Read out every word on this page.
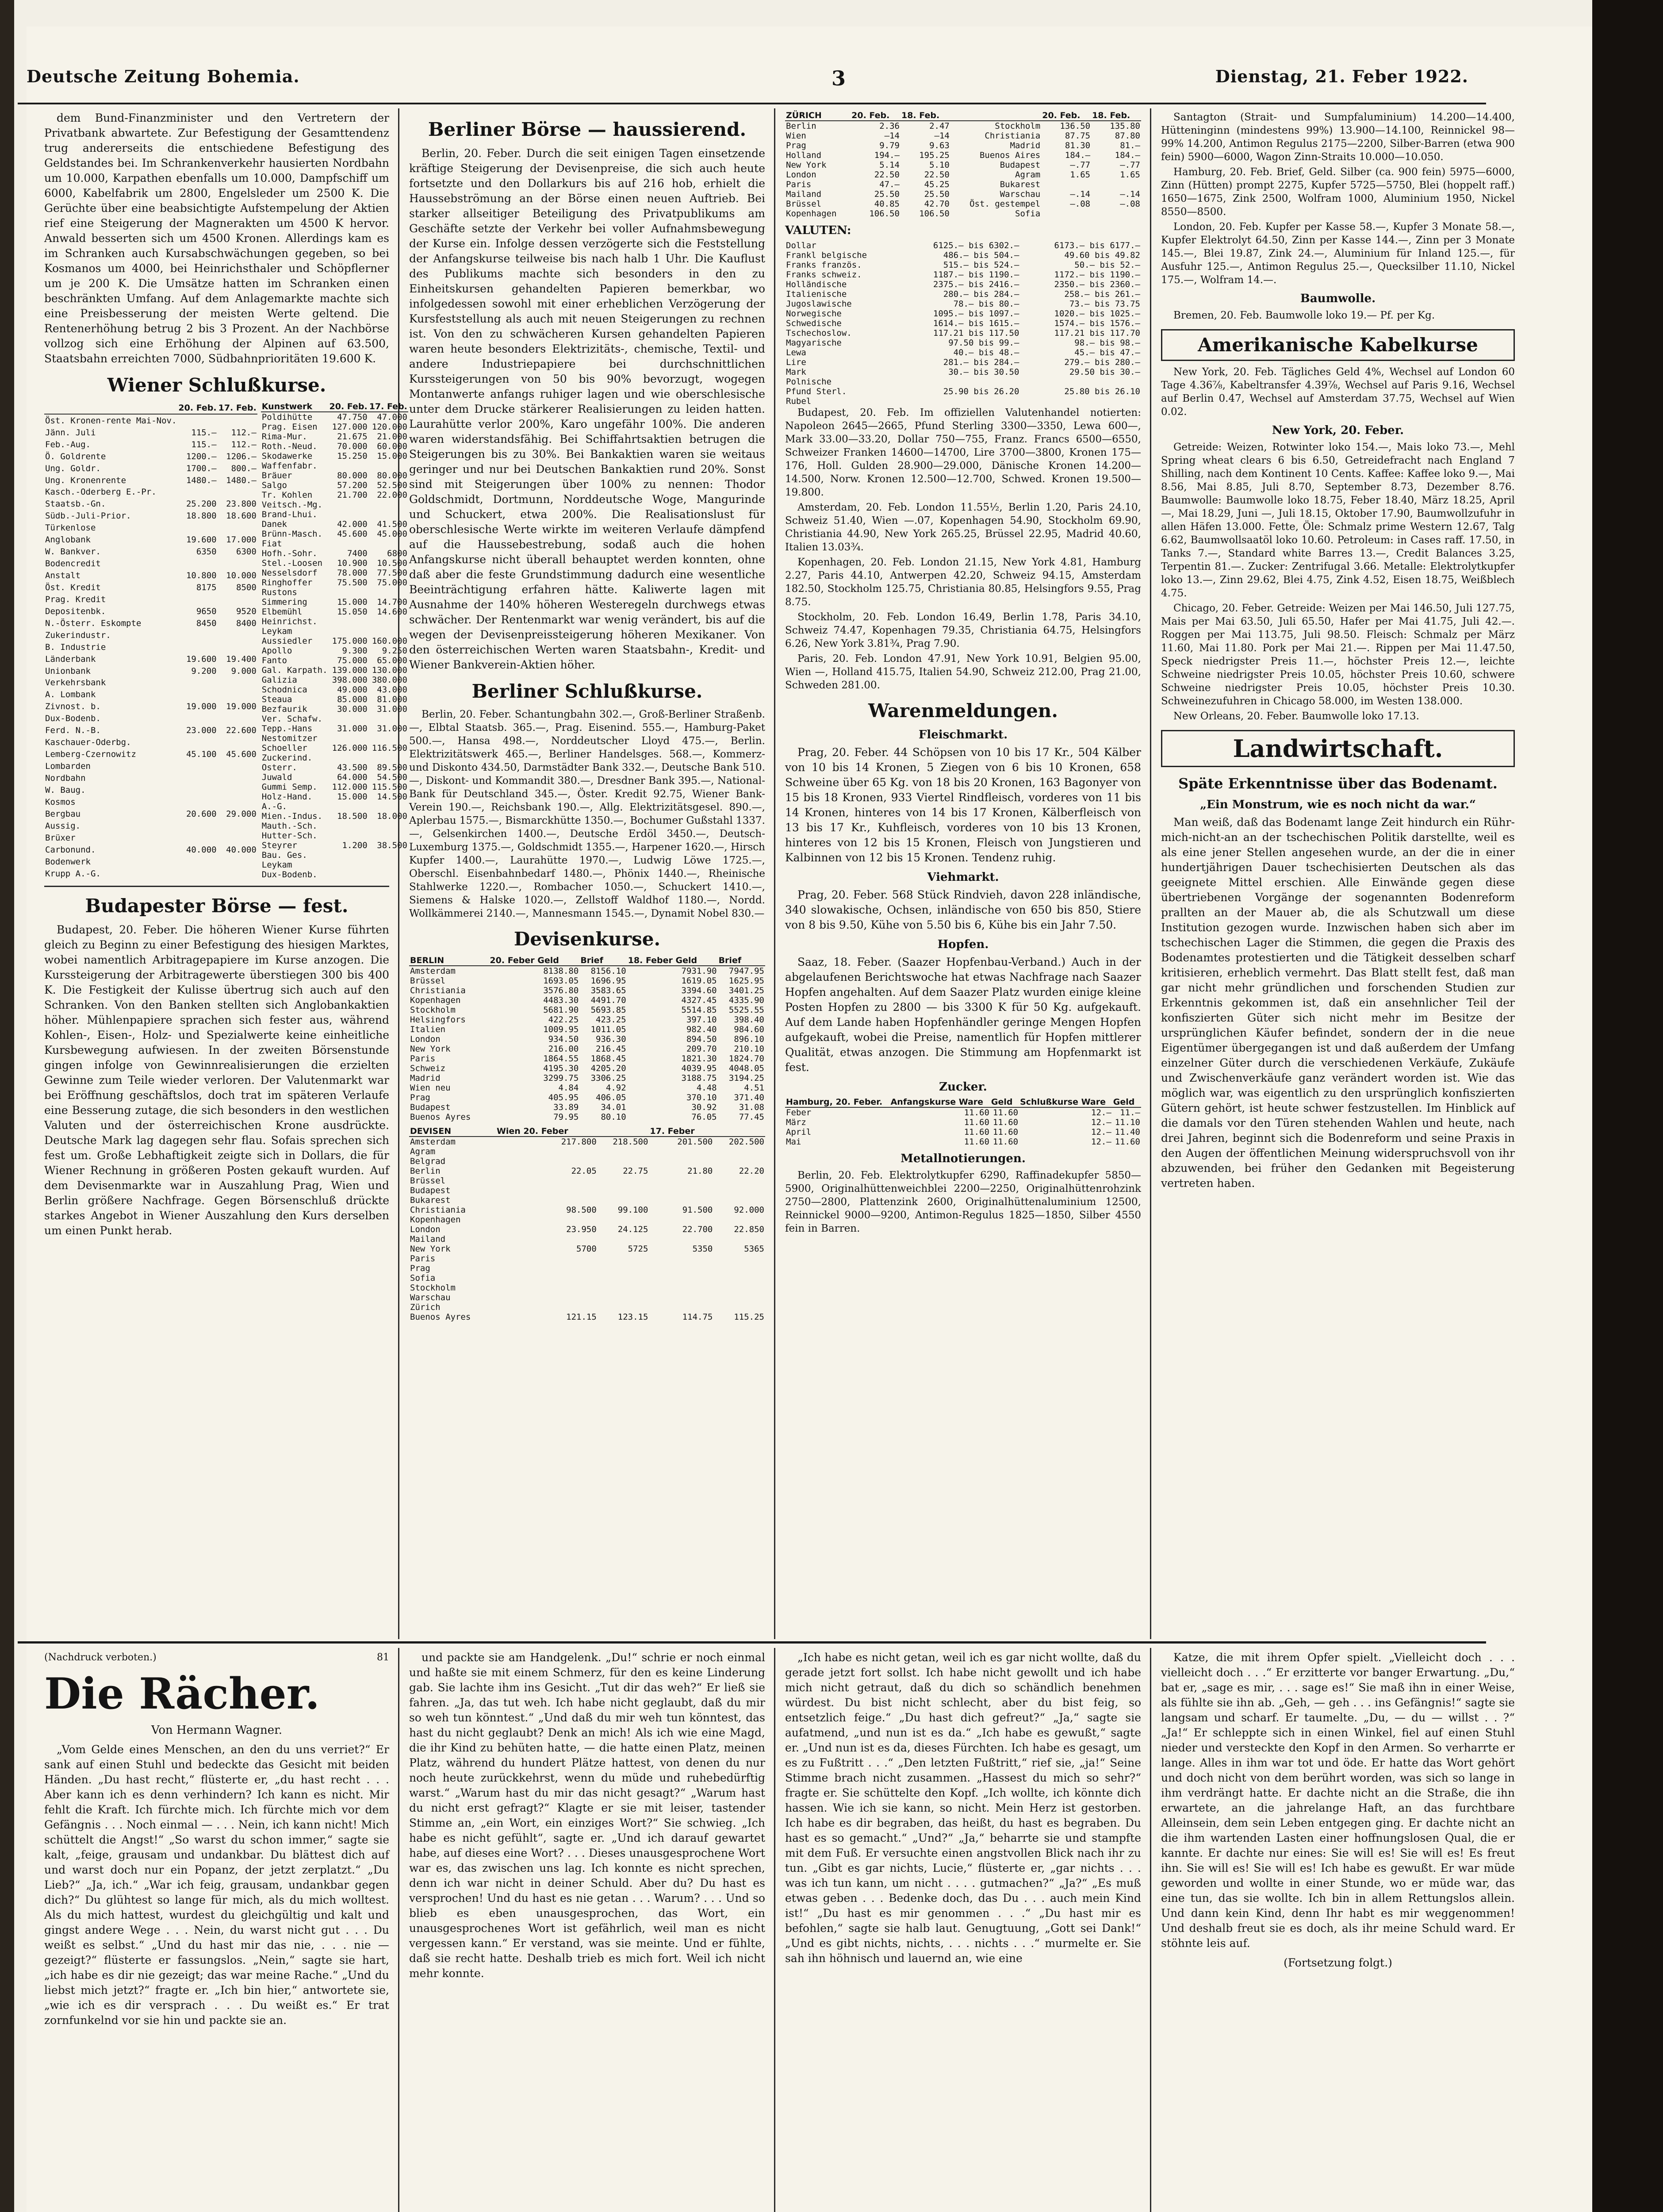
Deutsche Zeitung Bohemia.	3	Dienstag, 21. Feber 1922.

dem Bund-Finanzminister und den Vertretern der Privatbank abwartete. Zur Befestigung der Gesamttendenz trug andererseits die entschiedene Befestigung des Geldstandes bei. Im Schrankenverkehr hausierten Nordbahn um 10.000, Karpathen ebenfalls um 10.000, Dampfschiff um 6000, Kabelfabrik um 2800, Engelsleder um 2500 K. Die Gerüchte über eine beabsichtigte Aufstempelung der Aktien rief eine Steigerung der Magnerakten um 4500 K hervor. Anwald besserten sich um 4500 Kronen. Allerdings kam es im Schranken auch Kursabschwächungen gegeben, so bei Kosmanos um 4000, bei Heinrichsthaler und Schöpflerner um je 200 K. Die Umsätze hatten im Schranken einen beschränkten Umfang. Auf dem Anlagemarkte machte sich eine Preisbesserung der meisten Werte geltend. Die Rentenerhöhung betrug 2 bis 3 Prozent. An der Nachbörse vollzog sich eine Erhöhung der Alpinen auf 63.500, Staatsbahn erreichten 7000, Südbahnprioritäten 19.600 K.

Wiener Schlußkurse.
	20. Feb.	17. Feb.
Öst. Kronen-rente Mai-Nov.		
Jänn. Juli	115.—	112.—
Feb.-Aug.	115.—	112.—
Ö. Goldrente	1200.—	1206.—
Ung. Goldr.	1700.—	800.—
Ung. Kronenrente	1480.—	1480.—
Kasch.-Oderberg E.-Pr.		
Staatsb.-Gn.	25.200	23.800
Südb.-Juli-Prior.	18.800	18.600
Türkenlose		
Anglobank	19.600	17.000
W. Bankver.	6350	6300
Bodencredit		
Anstalt	10.800	10.000
Öst. Kredit	8175	8500
Prag. Kredit		
Depositenbk.	9650	9520
N.-Österr. Eskompte	8450	8400
Zukerindustr.		
B. Industrie		
Länderbank	19.600	19.400
Unionbank	9.200	9.000
Verkehrsbank		
A. Lombank		
Zivnost. b.	19.000	19.000
Dux-Bodenb.		
Ferd. N.-B.	23.000	22.600
Kaschauer-Oderbg.		
Lemberg-Czernowitz	45.100	45.600
Lombarden		
Nordbahn		
W. Baug.		
Kosmos		
Bergbau	20.600	29.000
Aussig.		
Brüxer		
Carbonund.	40.000	40.000
Bodenwerk		
Krupp A.-G.		
Kunstwerk	20. Feb.	17. Feb.
Poldihütte	47.750	47.000
Prag. Eisen	127.000	120.000
Rima-Mur.	21.675	21.000
Roth.-Neud.	70.000	60.000
Skodawerke	15.250	15.000
Waffenfabr.		
Bräuer	80.000	80.000
Salgo	57.200	52.500
Tr. Kohlen	21.700	22.000
Veitsch.-Mg.		
Brand-Lhui.		
Danek	42.000	41.500
Brünn-Masch.	45.600	45.000
Fiat		
Hofh.-Sohr.	7400	6800
Stel.-Loosen	10.900	10.500
Nesselsdorf	78.000	77.500
Ringhoffer	75.500	75.000
Rustons		
Simmering	15.000	14.700
Elbemühl	15.050	14.600
Heinrichst.		
Leykam		
Aussiedler	175.000	160.000
Apollo	9.300	9.250
Fanto	75.000	65.000
Gal. Karpath.	139.000	130.000
Galizia	398.000	380.000
Schodnica	49.000	43.000
Steaua	85.000	81.000
Bezfaurik	30.000	31.000
Ver. Schafw.		
Tepp.-Hans	31.000	31.000
Nestomitzer		
Schoeller	126.000	116.500
Zuckerind.		
Osterr.	43.500	89.500
Juwald	64.000	54.500
Gummi Semp.	112.000	115.500
Holz-Hand.	15.000	14.500
A.-G.		
Mien.-Indus.	18.500	18.000
Mauth.-Sch.		
Hutter-Sch.		
Steyrer	1.200	38.500
Bau. Ges.		
Leykam		
Dux-Bodenb.		
Budapester Börse — fest.

Budapest, 20. Feber. Die höheren Wiener Kurse führten gleich zu Beginn zu einer Befestigung des hiesigen Marktes, wobei namentlich Arbitragepapiere im Kurse anzogen. Die Kurssteigerung der Arbitragewerte überstiegen 300 bis 400 K. Die Festigkeit der Kulisse übertrug sich auch auf den Schranken. Von den Banken stellten sich Anglobankaktien höher. Mühlenpapiere sprachen sich fester aus, während Kohlen-, Eisen-, Holz- und Spezialwerte keine einheitliche Kursbewegung aufwiesen. In der zweiten Börsenstunde gingen infolge von Gewinnrealisierungen die erzielten Gewinne zum Teile wieder verloren. Der Valutenmarkt war bei Eröffnung geschäftslos, doch trat im späteren Verlaufe eine Besserung zutage, die sich besonders in den westlichen Valuten und der österreichischen Krone ausdrückte. Deutsche Mark lag dagegen sehr flau. Sofais sprechen sich fest um. Große Lebhaftigkeit zeigte sich in Dollars, die für Wiener Rechnung in größeren Posten gekauft wurden. Auf dem Devisenmarkte war in Auszahlung Prag, Wien und Berlin größere Nachfrage. Gegen Börsenschluß drückte starkes Angebot in Wiener Auszahlung den Kurs derselben um einen Punkt herab.

Berliner Börse — haussierend.

Berlin, 20. Feber. Durch die seit einigen Tagen einsetzende kräftige Steigerung der Devisenpreise, die sich auch heute fortsetzte und den Dollarkurs bis auf 216 hob, erhielt die Haussebströmung an der Börse einen neuen Auftrieb. Bei starker allseitiger Beteiligung des Privatpublikums am Geschäfte setzte der Verkehr bei voller Aufnahmsbewegung der Kurse ein. Infolge dessen verzögerte sich die Feststellung der Anfangskurse teilweise bis nach halb 1 Uhr. Die Kauflust des Publikums machte sich besonders in den zu Einheitskursen gehandelten Papieren bemerkbar, wo infolgedessen sowohl mit einer erheblichen Verzögerung der Kursfeststellung als auch mit neuen Steigerungen zu rechnen ist. Von den zu schwächeren Kursen gehandelten Papieren waren heute besonders Elektrizitäts-, chemische, Textil- und andere Industriepapiere bei durchschnittlichen Kurssteigerungen von 50 bis 90% bevorzugt, wogegen Montanwerte anfangs ruhiger lagen und wie oberschlesische unter dem Drucke stärkerer Realisierungen zu leiden hatten. Laurahütte verlor 200%, Karo ungefähr 100%. Die anderen waren widerstandsfähig. Bei Schiffahrtsaktien betrugen die Steigerungen bis zu 30%. Bei Bankaktien waren sie weitaus geringer und nur bei Deutschen Bankaktien rund 20%. Sonst sind mit Steigerungen über 100% zu nennen: Thodor Goldschmidt, Dortmunn, Norddeutsche Woge, Mangurinde und Schuckert, etwa 200%. Die Realisationslust für oberschlesische Werte wirkte im weiteren Verlaufe dämpfend auf die Haussebestrebung, sodaß auch die hohen Anfangskurse nicht überall behauptet werden konnten, ohne daß aber die feste Grundstimmung dadurch eine wesentliche Beeinträchtigung erfahren hätte. Kaliwerte lagen mit Ausnahme der 140% höheren Westeregeln durchwegs etwas schwächer. Der Rentenmarkt war wenig verändert, bis auf die wegen der Devisenpreissteigerung höheren Mexikaner. Von den österreichischen Werten waren Staatsbahn-, Kredit- und Wiener Bankverein-Aktien höher.

Berliner Schlußkurse.

Berlin, 20. Feber. Schantungbahn 302.—, Groß-Berliner Straßenb. —, Elbtal Staatsb. 365.—, Prag. Eisenind. 555.—, Hamburg-Paket 500.—, Hansa 498.—, Norddeutscher Lloyd 475.—, Berlin. Elektrizitätswerk 465.—, Berliner Handelsges. 568.—, Kommerz- und Diskonto 434.50, Darmstädter Bank 332.—, Deutsche Bank 510.—, Diskont- und Kommandit 380.—, Dresdner Bank 395.—, National-Bank für Deutschland 345.—, Öster. Kredit 92.75, Wiener Bank-Verein 190.—, Reichsbank 190.—, Allg. Elektrizitätsgesel. 890.—, Aplerbau 1575.—, Bismarckhütte 1350.—, Bochumer Gußstahl 1337.—, Gelsenkirchen 1400.—, Deutsche Erdöl 3450.—, Deutsch-Luxemburg 1375.—, Goldschmidt 1355.—, Harpener 1620.—, Hirsch Kupfer 1400.—, Laurahütte 1970.—, Ludwig Löwe 1725.—, Oberschl. Eisenbahnbedarf 1480.—, Phönix 1440.—, Rheinische Stahlwerke 1220.—, Rombacher 1050.—, Schuckert 1410.—, Siemens & Halske 1020.—, Zellstoff Waldhof 1180.—, Nordd. Wollkämmerei 2140.—, Mannesmann 1545.—, Dynamit Nobel 830.—

Devisenkurse.
BERLIN	20. Feber Geld	Brief	18. Feber Geld	Brief
Amsterdam	8138.80	8156.10	7931.90	7947.95
Brüssel	1693.05	1696.95	1619.05	1625.95
Christiania	3576.80	3583.65	3394.60	3401.25
Kopenhagen	4483.30	4491.70	4327.45	4335.90
Stockholm	5681.90	5693.85	5514.85	5525.55
Helsingfors	422.25	423.25	397.10	398.40
Italien	1009.95	1011.05	982.40	984.60
London	934.50	936.30	894.50	896.10
New York	216.00	216.45	209.70	210.10
Paris	1864.55	1868.45	1821.30	1824.70
Schweiz	4195.30	4205.20	4039.95	4048.05
Madrid	3299.75	3306.25	3188.75	3194.25
Wien neu	4.84	4.92	4.48	4.51
Prag	405.95	406.05	370.10	371.40
Budapest	33.89	34.01	30.92	31.08
Buenos Ayres	79.95	80.10	76.05	77.45
DEVISEN	Wien 20. Feber		17. Feber	
Amsterdam	217.800	218.500	201.500	202.500
Agram				
Belgrad				
Berlin	22.05	22.75	21.80	22.20
Brüssel				
Budapest				
Bukarest				
Christiania	98.500	99.100	91.500	92.000
Kopenhagen				
London	23.950	24.125	22.700	22.850
Mailand				
New York	5700	5725	5350	5365
Paris				
Prag				
Sofia				
Stockholm				
Warschau				
Zürich				
Buenos Ayres	121.15	123.15	114.75	115.25
ZÜRICH	20. Feb.	18. Feb.		20. Feb.	18. Feb.
Berlin	2.36	2.47	Stockholm	136.50	135.80
Wien	—14	—14	Christiania	87.75	87.80
Prag	9.79	9.63	Madrid	81.30	81.—
Holland	194.—	195.25	Buenos Aires	184.—	184.—
New York	5.14	5.10	Budapest	—.77	—.77
London	22.50	22.50	Agram	1.65	1.65
Paris	47.—	45.25	Bukarest		
Mailand	25.50	25.50	Warschau	—.14	—.14
Brüssel	40.85	42.70	Öst. gestempel	—.08	—.08
Kopenhagen	106.50	106.50	Sofia		
VALUTEN:
Dollar	6125.— bis 6302.—	6173.— bis 6177.—
Frankl belgische	486.— bis 504.—	49.60 bis 49.82
Franks französ.	515.— bis 524.—	50.— bis 52.—
Franks schweiz.	1187.— bis 1190.—	1172.— bis 1190.—
Holländische	2375.— bis 2416.—	2350.— bis 2360.—
Italienische	280.— bis 284.—	258.— bis 261.—
Jugoslawische	78.— bis 80.—	73.— bis 73.75
Norwegische	1095.— bis 1097.—	1020.— bis 1025.—
Schwedische	1614.— bis 1615.—	1574.— bis 1576.—
Tschechoslow.	117.21 bis 117.50	117.21 bis 117.70
Magyarische	97.50 bis 99.—	98.— bis 98.—
Lewa	40.— bis 48.—	45.— bis 47.—
Lire	281.— bis 284.—	279.— bis 280.—
Mark	30.— bis 30.50	29.50 bis 30.—
Polnische		
Pfund Sterl.	25.90 bis 26.20	25.80 bis 26.10
Rubel		

Budapest, 20. Feb. Im offiziellen Valutenhandel notierten: Napoleon 2645—2665, Pfund Sterling 3300—3350, Lewa 600—, Mark 33.00—33.20, Dollar 750—755, Franz. Francs 6500—6550, Schweizer Franken 14600—14700, Lire 3700—3800, Kronen 175—176, Holl. Gulden 28.900—29.000, Dänische Kronen 14.200—14.500, Norw. Kronen 12.500—12.700, Schwed. Kronen 19.500—19.800.

Amsterdam, 20. Feb. London 11.55½, Berlin 1.20, Paris 24.10, Schweiz 51.40, Wien —.07, Kopenhagen 54.90, Stockholm 69.90, Christiania 44.90, New York 265.25, Brüssel 22.95, Madrid 40.60, Italien 13.03¾.

Kopenhagen, 20. Feb. London 21.15, New York 4.81, Hamburg 2.27, Paris 44.10, Antwerpen 42.20, Schweiz 94.15, Amsterdam 182.50, Stockholm 125.75, Christiania 80.85, Helsingfors 9.55, Prag 8.75.

Stockholm, 20. Feb. London 16.49, Berlin 1.78, Paris 34.10, Schweiz 74.47, Kopenhagen 79.35, Christiania 64.75, Helsingfors 6.26, New York 3.81¾, Prag 7.90.

Paris, 20. Feb. London 47.91, New York 10.91, Belgien 95.00, Wien —, Holland 415.75, Italien 54.90, Schweiz 212.00, Prag 21.00, Schweden 281.00.

Warenmeldungen.
Fleischmarkt.

Prag, 20. Feber. 44 Schöpsen von 10 bis 17 Kr., 504 Kälber von 10 bis 14 Kronen, 5 Ziegen von 6 bis 10 Kronen, 658 Schweine über 65 Kg. von 18 bis 20 Kronen, 163 Bagonyer von 15 bis 18 Kronen, 933 Viertel Rindfleisch, vorderes von 11 bis 14 Kronen, hinteres von 14 bis 17 Kronen, Kälberfleisch von 13 bis 17 Kr., Kuhfleisch, vorderes von 10 bis 13 Kronen, hinteres von 12 bis 15 Kronen, Fleisch von Jungstieren und Kalbinnen von 12 bis 15 Kronen. Tendenz ruhig.

Viehmarkt.

Prag, 20. Feber. 568 Stück Rindvieh, davon 228 inländische, 340 slowakische, Ochsen, inländische von 650 bis 850, Stiere von 8 bis 9.50, Kühe von 5.50 bis 6, Kühe bis ein Jahr 7.50.

Hopfen.

Saaz, 18. Feber. (Saazer Hopfenbau-Verband.) Auch in der abgelaufenen Berichtswoche hat etwas Nachfrage nach Saazer Hopfen angehalten. Auf dem Saazer Platz wurden einige kleine Posten Hopfen zu 2800 — bis 3300 K für 50 Kg. aufgekauft. Auf dem Lande haben Hopfenhändler geringe Mengen Hopfen aufgekauft, wobei die Preise, namentlich für Hopfen mittlerer Qualität, etwas anzogen. Die Stimmung am Hopfenmarkt ist fest.

Zucker.
Hamburg, 20. Feber.	Anfangskurse Ware	Geld	Schlußkurse Ware	Geld
Feber	11.60	11.60	12.—	11.—
März	11.60	11.60	12.—	11.10
April	11.60	11.60	12.—	11.40
Mai	11.60	11.60	12.—	11.60
Metallnotierungen.

Berlin, 20. Feb. Elektrolytkupfer 6290, Raffinadekupfer 5850—5900, Originalhüttenweichblei 2200—2250, Originalhüttenrohzink 2750—2800, Plattenzink 2600, Originalhüttenaluminium 12500, Reinnickel 9000—9200, Antimon-Regulus 1825—1850, Silber 4550 fein in Barren.

Santagton (Strait- und Sumpfaluminium) 14.200—14.400, Hütteninginn (mindestens 99%) 13.900—14.100, Reinnickel 98—99% 14.200, Antimon Regulus 2175—2200, Silber-Barren (etwa 900 fein) 5900—6000, Wagon Zinn-Straits 10.000—10.050.

Hamburg, 20. Feb. Brief, Geld. Silber (ca. 900 fein) 5975—6000, Zinn (Hütten) prompt 2275, Kupfer 5725—5750, Blei (hoppelt raff.) 1650—1675, Zink 2500, Wolfram 1000, Aluminium 1950, Nickel 8550—8500.

London, 20. Feb. Kupfer per Kasse 58.—, Kupfer 3 Monate 58.—, Kupfer Elektrolyt 64.50, Zinn per Kasse 144.—, Zinn per 3 Monate 145.—, Blei 19.87, Zink 24.—, Aluminium für Inland 125.—, für Ausfuhr 125.—, Antimon Regulus 25.—, Quecksilber 11.10, Nickel 175.—, Wolfram 14.—.

Baumwolle.

Bremen, 20. Feb. Baumwolle loko 19.— Pf. per Kg.

Amerikanische Kabelkurse

New York, 20. Feb. Tägliches Geld 4%, Wechsel auf London 60 Tage 4.36⅞, Kabeltransfer 4.39⅞, Wechsel auf Paris 9.16, Wechsel auf Berlin 0.47, Wechsel auf Amsterdam 37.75, Wechsel auf Wien 0.02.

New York, 20. Feber.

Getreide: Weizen, Rotwinter loko 154.—, Mais loko 73.—, Mehl Spring wheat clears 6 bis 6.50, Getreidefracht nach England 7 Shilling, nach dem Kontinent 10 Cents. Kaffee: Kaffee loko 9.—, Mai 8.56, Mai 8.85, Juli 8.70, September 8.73, Dezember 8.76. Baumwolle: Baumwolle loko 18.75, Feber 18.40, März 18.25, April —, Mai 18.29, Juni —, Juli 18.15, Oktober 17.90, Baumwollzufuhr in allen Häfen 13.000. Fette, Öle: Schmalz prime Western 12.67, Talg 6.62, Baumwollsaatöl loko 10.60. Petroleum: in Cases raff. 17.50, in Tanks 7.—, Standard white Barres 13.—, Credit Balances 3.25, Terpentin 81.—. Zucker: Zentrifugal 3.66. Metalle: Elektrolytkupfer loko 13.—, Zinn 29.62, Blei 4.75, Zink 4.52, Eisen 18.75, Weißblech 4.75.

Chicago, 20. Feber. Getreide: Weizen per Mai 146.50, Juli 127.75, Mais per Mai 63.50, Juli 65.50, Hafer per Mai 41.75, Juli 42.—. Roggen per Mai 113.75, Juli 98.50. Fleisch: Schmalz per März 11.60, Mai 11.80. Pork per Mai 21.—. Rippen per Mai 11.47.50, Speck niedrigster Preis 11.—, höchster Preis 12.—, leichte Schweine niedrigster Preis 10.05, höchster Preis 10.60, schwere Schweine niedrigster Preis 10.05, höchster Preis 10.30. Schweinezufuhren in Chicago 58.000, im Westen 138.000.

New Orleans, 20. Feber. Baumwolle loko 17.13.

Landwirtschaft.
Späte Erkenntnisse über das Bodenamt.
„Ein Monstrum, wie es noch nicht da war.“

Man weiß, daß das Bodenamt lange Zeit hindurch ein Rühr-mich-nicht-an an der tschechischen Politik darstellte, weil es als eine jener Stellen angesehen wurde, an der die in einer hundertjährigen Dauer tschechisierten Deutschen als das geeignete Mittel erschien. Alle Einwände gegen diese übertriebenen Vorgänge der sogenannten Bodenreform prallten an der Mauer ab, die als Schutzwall um diese Institution gezogen wurde. Inzwischen haben sich aber im tschechischen Lager die Stimmen, die gegen die Praxis des Bodenamtes protestierten und die Tätigkeit desselben scharf kritisieren, erheblich vermehrt. Das Blatt stellt fest, daß man gar nicht mehr gründlichen und forschenden Studien zur Erkenntnis gekommen ist, daß ein ansehnlicher Teil der konfiszierten Güter sich nicht mehr im Besitze der ursprünglichen Käufer befindet, sondern der in die neue Eigentümer übergegangen ist und daß außerdem der Umfang einzelner Güter durch die verschiedenen Verkäufe, Zukäufe und Zwischenverkäufe ganz verändert worden ist. Wie das möglich war, was eigentlich zu den ursprünglich konfiszierten Gütern gehört, ist heute schwer festzustellen. Im Hinblick auf die damals vor den Türen stehenden Wahlen und heute, nach drei Jahren, beginnt sich die Bodenreform und seine Praxis in den Augen der öffentlichen Meinung widerspruchsvoll von ihr abzuwenden, bei früher den Gedanken mit Begeisterung vertreten haben.

(Nachdruck verboten.)	81
Die Rächer.
Von Hermann Wagner.

„Vom Gelde eines Menschen, an den du uns verriet?“ Er sank auf einen Stuhl und bedeckte das Gesicht mit beiden Händen. „Du hast recht,“ flüsterte er, „du hast recht . . . Aber kann ich es denn verhindern? Ich kann es nicht. Mir fehlt die Kraft. Ich fürchte mich. Ich fürchte mich vor dem Gefängnis . . . Noch einmal — . . . Nein, ich kann nicht! Mich schüttelt die Angst!“ „So warst du schon immer,“ sagte sie kalt, „feige, grausam und undankbar. Du blättest dich auf und warst doch nur ein Popanz, der jetzt zerplatzt.“ „Du Lieb?“ „Ja, ich.“ „War ich feig, grausam, undankbar gegen dich?“ Du glühtest so lange für mich, als du mich wolltest. Als du mich hattest, wurdest du gleichgültig und kalt und gingst andere Wege . . . Nein, du warst nicht gut . . . Du weißt es selbst.“ „Und du hast mir das nie, . . . nie — gezeigt?“ flüsterte er fassungslos. „Nein,“ sagte sie hart, „ich habe es dir nie gezeigt; das war meine Rache.“ „Und du liebst mich jetzt?“ fragte er. „Ich bin hier,“ antwortete sie, „wie ich es dir versprach . . . Du weißt es.“ Er trat zornfunkelnd vor sie hin und packte sie an.

und packte sie am Handgelenk. „Du!“ schrie er noch einmal und haßte sie mit einem Schmerz, für den es keine Linderung gab. Sie lachte ihm ins Gesicht. „Tut dir das weh?“ Er ließ sie fahren. „Ja, das tut weh. Ich habe nicht geglaubt, daß du mir so weh tun könntest.“ „Und daß du mir weh tun könntest, das hast du nicht geglaubt? Denk an mich! Als ich wie eine Magd, die ihr Kind zu behüten hatte, — die hatte einen Platz, meinen Platz, während du hundert Plätze hattest, von denen du nur noch heute zurückkehrst, wenn du müde und ruhebedürftig warst.“ „Warum hast du mir das nicht gesagt?“ „Warum hast du nicht erst gefragt?“ Klagte er sie mit leiser, tastender Stimme an, „ein Wort, ein einziges Wort?“ Sie schwieg. „Ich habe es nicht gefühlt“, sagte er. „Und ich darauf gewartet habe, auf dieses eine Wort? . . . Dieses unausgesprochene Wort war es, das zwischen uns lag. Ich konnte es nicht sprechen, denn ich war nicht in deiner Schuld. Aber du? Du hast es versprochen! Und du hast es nie getan . . . Warum? . . . Und so blieb es eben unausgesprochen, das Wort, ein unausgesprochenes Wort ist gefährlich, weil man es nicht vergessen kann.“ Er verstand, was sie meinte. Und er fühlte, daß sie recht hatte. Deshalb trieb es mich fort. Weil ich nicht mehr konnte.

„Ich habe es nicht getan, weil ich es gar nicht wollte, daß du gerade jetzt fort sollst. Ich habe nicht gewollt und ich habe mich nicht getraut, daß du dich so schändlich benehmen würdest. Du bist nicht schlecht, aber du bist feig, so entsetzlich feige.“ „Du hast dich gefreut?“ „Ja,“ sagte sie aufatmend, „und nun ist es da.“ „Ich habe es gewußt,“ sagte er. „Und nun ist es da, dieses Fürchten. Ich habe es gesagt, um es zu Fußtritt . . .“ „Den letzten Fußtritt,“ rief sie, „ja!“ Seine Stimme brach nicht zusammen. „Hassest du mich so sehr?“ fragte er. Sie schüttelte den Kopf. „Ich wollte, ich könnte dich hassen. Wie ich sie kann, so nicht. Mein Herz ist gestorben. Ich habe es dir begraben, das heißt, du hast es begraben. Du hast es so gemacht.“ „Und?“ „Ja,“ beharrte sie und stampfte mit dem Fuß. Er versuchte einen angstvollen Blick nach ihr zu tun. „Gibt es gar nichts, Lucie,“ flüsterte er, „gar nichts . . . was ich tun kann, um nicht . . . . gutmachen?“ „Ja?“ „Es muß etwas geben . . . Bedenke doch, das Du . . . auch mein Kind ist!“ „Du hast es mir genommen . . .“ „Du hast mir es befohlen,“ sagte sie halb laut. Genugtuung, „Gott sei Dank!“ „Und es gibt nichts, nichts, . . . nichts . . .“ murmelte er. Sie sah ihn höhnisch und lauernd an, wie eine

Katze, die mit ihrem Opfer spielt. „Vielleicht doch . . . vielleicht doch . . .“ Er erzitterte vor banger Erwartung. „Du,“ bat er, „sage es mir, . . . sage es!“ Sie maß ihn in einer Weise, als fühlte sie ihn ab. „Geh, — geh . . . ins Gefängnis!“ sagte sie langsam und scharf. Er taumelte. „Du, — du — willst . . ?“ „Ja!“ Er schleppte sich in einen Winkel, fiel auf einen Stuhl nieder und versteckte den Kopf in den Armen. So verharrte er lange. Alles in ihm war tot und öde. Er hatte das Wort gehört und doch nicht von dem berührt worden, was sich so lange in ihm verdrängt hatte. Er dachte nicht an die Straße, die ihn erwartete, an die jahrelange Haft, an das furchtbare Alleinsein, dem sein Leben entgegen ging. Er dachte nicht an die ihm wartenden Lasten einer hoffnungslosen Qual, die er kannte. Er dachte nur eines: Sie will es! Sie will es! Es freut ihn. Sie will es! Sie will es! Ich habe es gewußt. Er war müde geworden und wollte in einer Stunde, wo er müde war, das eine tun, das sie wollte. Ich bin in allem Rettungslos allein. Und dann kein Kind, denn Ihr habt es mir weggenommen! Und deshalb freut sie es doch, als ihr meine Schuld ward. Er stöhnte leis auf.

(Fortsetzung folgt.)
